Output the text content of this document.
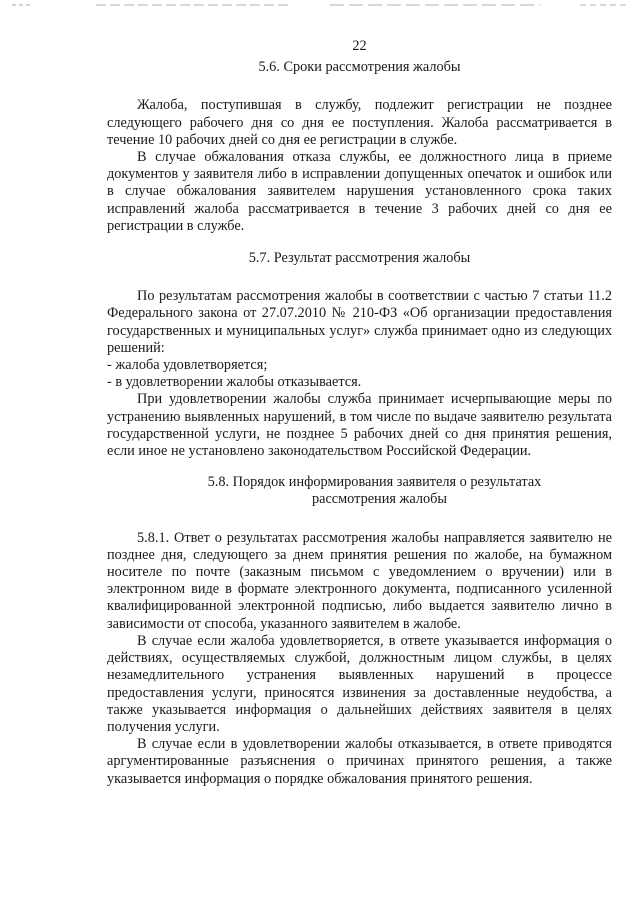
22
5.6. Сроки рассмотрения жалобы

Жалоба, поступившая в службу, подлежит регистрации не позднее следующего рабочего дня со дня ее поступления. Жалоба рассматривается в течение 10 рабочих дней со дня ее регистрации в службе.

В случае обжалования отказа службы, ее должностного лица в приеме документов у заявителя либо в исправлении допущенных опечаток и ошибок или в случае обжалования заявителем нарушения установленного срока таких исправлений жалоба рассматривается в течение 3 рабочих дней со дня ее регистрации в службе.

5.7. Результат рассмотрения жалобы

По результатам рассмотрения жалобы в соответствии с частью 7 статьи 11.2 Федерального закона от 27.07.2010 № 210-ФЗ «Об организации предоставления государственных и муниципальных услуг» служба принимает одно из следующих решений:

- жалоба удовлетворяется;

- в удовлетворении жалобы отказывается.

При удовлетворении жалобы служба принимает исчерпывающие меры по устранению выявленных нарушений, в том числе по выдаче заявителю результата государственной услуги, не позднее 5 рабочих дней со дня принятия решения, если иное не установлено законодательством Российской Федерации.

5.8. Порядок информирования заявителя о результатах
рассмотрения жалобы

5.8.1. Ответ о результатах рассмотрения жалобы направляется заявителю не позднее дня, следующего за днем принятия решения по жалобе, на бумажном носителе по почте (заказным письмом с уведомлением о вручении) или в электронном виде в формате электронного документа, подписанного усиленной квалифицированной электронной подписью, либо выдается заявителю лично в зависимости от способа, указанного заявителем в жалобе.

В случае если жалоба удовлетворяется, в ответе указывается информация о действиях, осуществляемых службой, должностным лицом службы, в целях незамедлительного устранения выявленных нарушений в процессе предоставления услуги, приносятся извинения за доставленные неудобства, а также указывается информация о дальнейших действиях заявителя в целях получения услуги.

В случае если в удовлетворении жалобы отказывается, в ответе приводятся аргументированные разъяснения о причинах принятого решения, а также указывается информация о порядке обжалования принятого решения.
